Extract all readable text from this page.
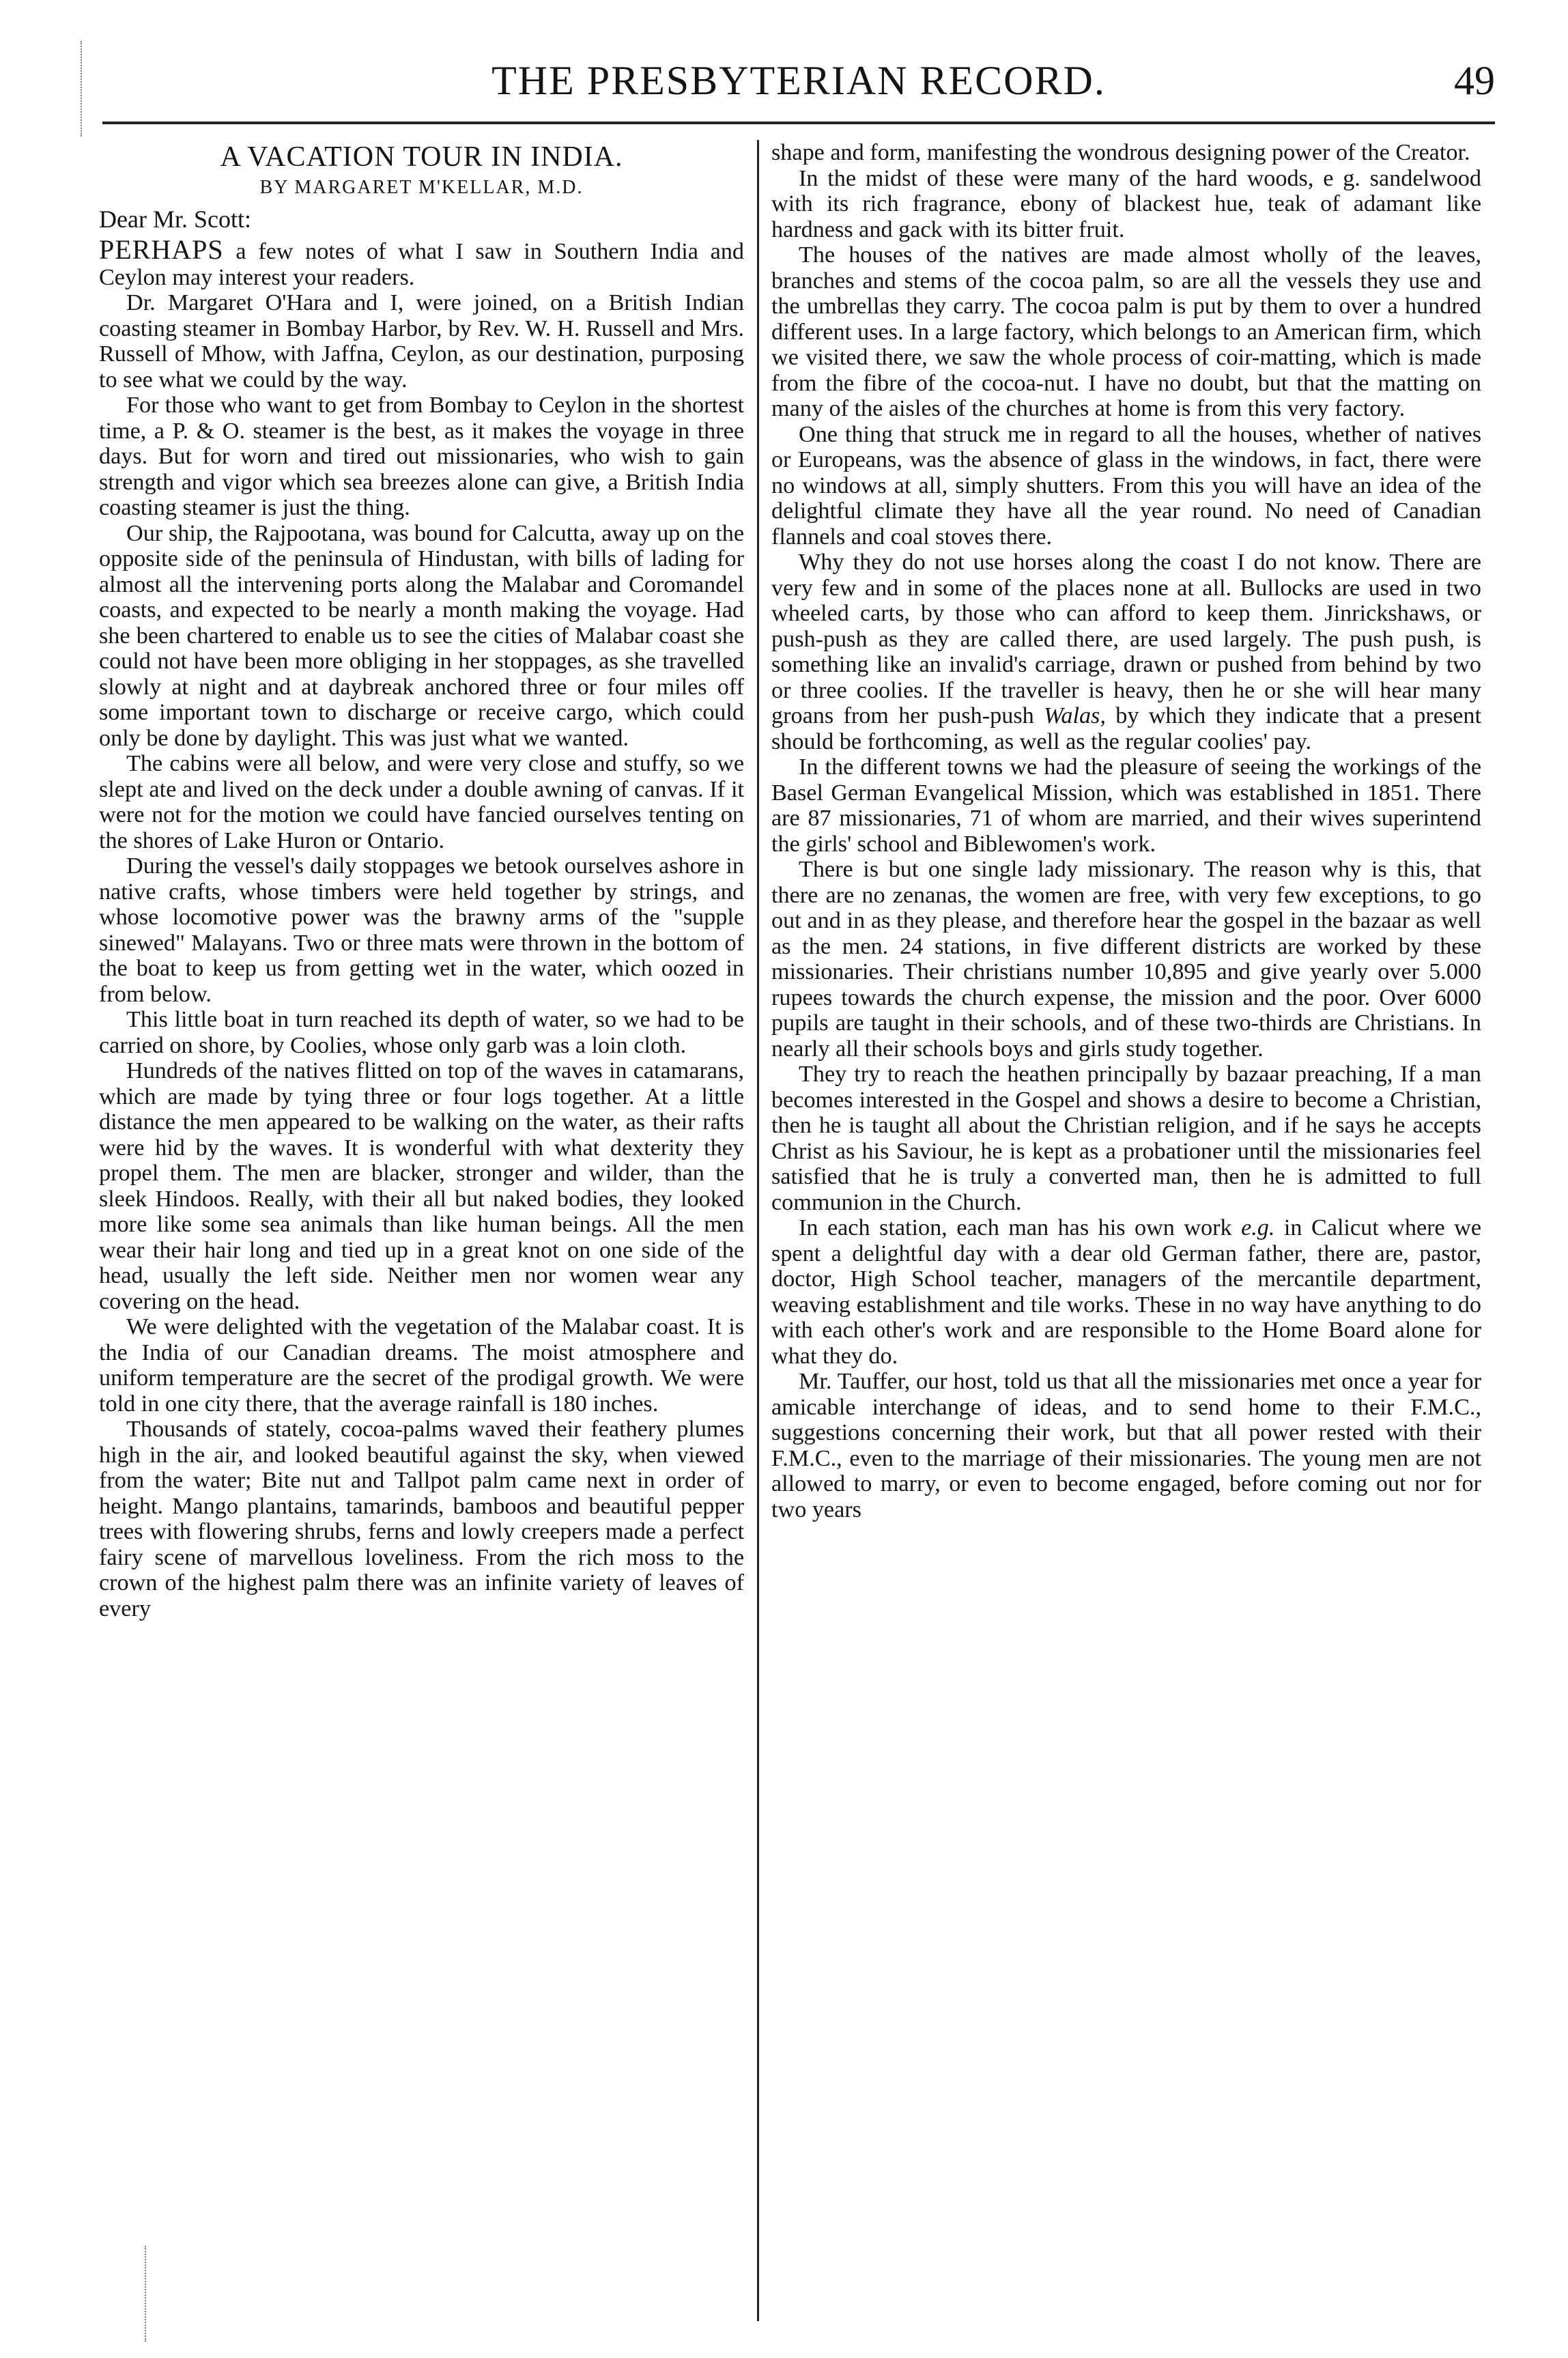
THE PRESBYTERIAN RECORD.	49
A VACATION TOUR IN INDIA.
BY MARGARET M'KELLAR, M.D.
Dear Mr. Scott:

PERHAPS a few notes of what I saw in Southern India and Ceylon may interest your readers.

Dr. Margaret O'Hara and I, were joined, on a British Indian coasting steamer in Bombay Harbor, by Rev. W. H. Russell and Mrs. Russell of Mhow, with Jaffna, Ceylon, as our destination, purposing to see what we could by the way.

For those who want to get from Bombay to Ceylon in the shortest time, a P. & O. steamer is the best, as it makes the voyage in three days. But for worn and tired out missionaries, who wish to gain strength and vigor which sea breezes alone can give, a British India coasting steamer is just the thing.

Our ship, the Rajpootana, was bound for Calcutta, away up on the opposite side of the peninsula of Hindustan, with bills of lading for almost all the intervening ports along the Malabar and Coromandel coasts, and expected to be nearly a month making the voyage. Had she been chartered to enable us to see the cities of Malabar coast she could not have been more obliging in her stoppages, as she travelled slowly at night and at daybreak anchored three or four miles off some important town to discharge or receive cargo, which could only be done by daylight. This was just what we wanted.

The cabins were all below, and were very close and stuffy, so we slept ate and lived on the deck under a double awning of canvas. If it were not for the motion we could have fancied ourselves tenting on the shores of Lake Huron or Ontario.

During the vessel's daily stoppages we betook ourselves ashore in native crafts, whose timbers were held together by strings, and whose locomotive power was the brawny arms of the "supple sinewed" Malayans. Two or three mats were thrown in the bottom of the boat to keep us from getting wet in the water, which oozed in from below.

This little boat in turn reached its depth of water, so we had to be carried on shore, by Coolies, whose only garb was a loin cloth.

Hundreds of the natives flitted on top of the waves in catamarans, which are made by tying three or four logs together. At a little distance the men appeared to be walking on the water, as their rafts were hid by the waves. It is wonderful with what dexterity they propel them. The men are blacker, stronger and wilder, than the sleek Hindoos. Really, with their all but naked bodies, they looked more like some sea animals than like human beings. All the men wear their hair long and tied up in a great knot on one side of the head, usually the left side. Neither men nor women wear any covering on the head.

We were delighted with the vegetation of the Malabar coast. It is the India of our Canadian dreams. The moist atmosphere and uniform temperature are the secret of the prodigal growth. We were told in one city there, that the average rainfall is 180 inches.

Thousands of stately, cocoa-palms waved their feathery plumes high in the air, and looked beautiful against the sky, when viewed from the water; Bite nut and Tallpot palm came next in order of height. Mango plantains, tamarinds, bamboos and beautiful pepper trees with flowering shrubs, ferns and lowly creepers made a perfect fairy scene of marvellous loveliness. From the rich moss to the crown of the highest palm there was an infinite variety of leaves of every

shape and form, manifesting the wondrous designing power of the Creator.

In the midst of these were many of the hard woods, e g. sandelwood with its rich fragrance, ebony of blackest hue, teak of adamant like hardness and gack with its bitter fruit.

The houses of the natives are made almost wholly of the leaves, branches and stems of the cocoa palm, so are all the vessels they use and the umbrellas they carry. The cocoa palm is put by them to over a hundred different uses. In a large factory, which belongs to an American firm, which we visited there, we saw the whole process of coir-matting, which is made from the fibre of the cocoa-nut. I have no doubt, but that the matting on many of the aisles of the churches at home is from this very factory.

One thing that struck me in regard to all the houses, whether of natives or Europeans, was the absence of glass in the windows, in fact, there were no windows at all, simply shutters. From this you will have an idea of the delightful climate they have all the year round. No need of Canadian flannels and coal stoves there.

Why they do not use horses along the coast I do not know. There are very few and in some of the places none at all. Bullocks are used in two wheeled carts, by those who can afford to keep them. Jinrickshaws, or push-push as they are called there, are used largely. The push push, is something like an invalid's carriage, drawn or pushed from behind by two or three coolies. If the traveller is heavy, then he or she will hear many groans from her push-push Walas, by which they indicate that a present should be forthcoming, as well as the regular coolies' pay.

In the different towns we had the pleasure of seeing the workings of the Basel German Evangelical Mission, which was established in 1851. There are 87 missionaries, 71 of whom are married, and their wives superintend the girls' school and Biblewomen's work.

There is but one single lady missionary. The reason why is this, that there are no zenanas, the women are free, with very few exceptions, to go out and in as they please, and therefore hear the gospel in the bazaar as well as the men. 24 stations, in five different districts are worked by these missionaries. Their christians number 10,895 and give yearly over 5.000 rupees towards the church expense, the mission and the poor. Over 6000 pupils are taught in their schools, and of these two-thirds are Christians. In nearly all their schools boys and girls study together.

They try to reach the heathen principally by bazaar preaching, If a man becomes interested in the Gospel and shows a desire to become a Christian, then he is taught all about the Christian religion, and if he says he accepts Christ as his Saviour, he is kept as a probationer until the missionaries feel satisfied that he is truly a converted man, then he is admitted to full communion in the Church.

In each station, each man has his own work e.g. in Calicut where we spent a delightful day with a dear old German father, there are, pastor, doctor, High School teacher, managers of the mercantile department, weaving establishment and tile works. These in no way have anything to do with each other's work and are responsible to the Home Board alone for what they do.

Mr. Tauffer, our host, told us that all the missionaries met once a year for amicable interchange of ideas, and to send home to their F.M.C., suggestions concerning their work, but that all power rested with their F.M.C., even to the marriage of their missionaries. The young men are not allowed to marry, or even to become engaged, before coming out nor for two years
